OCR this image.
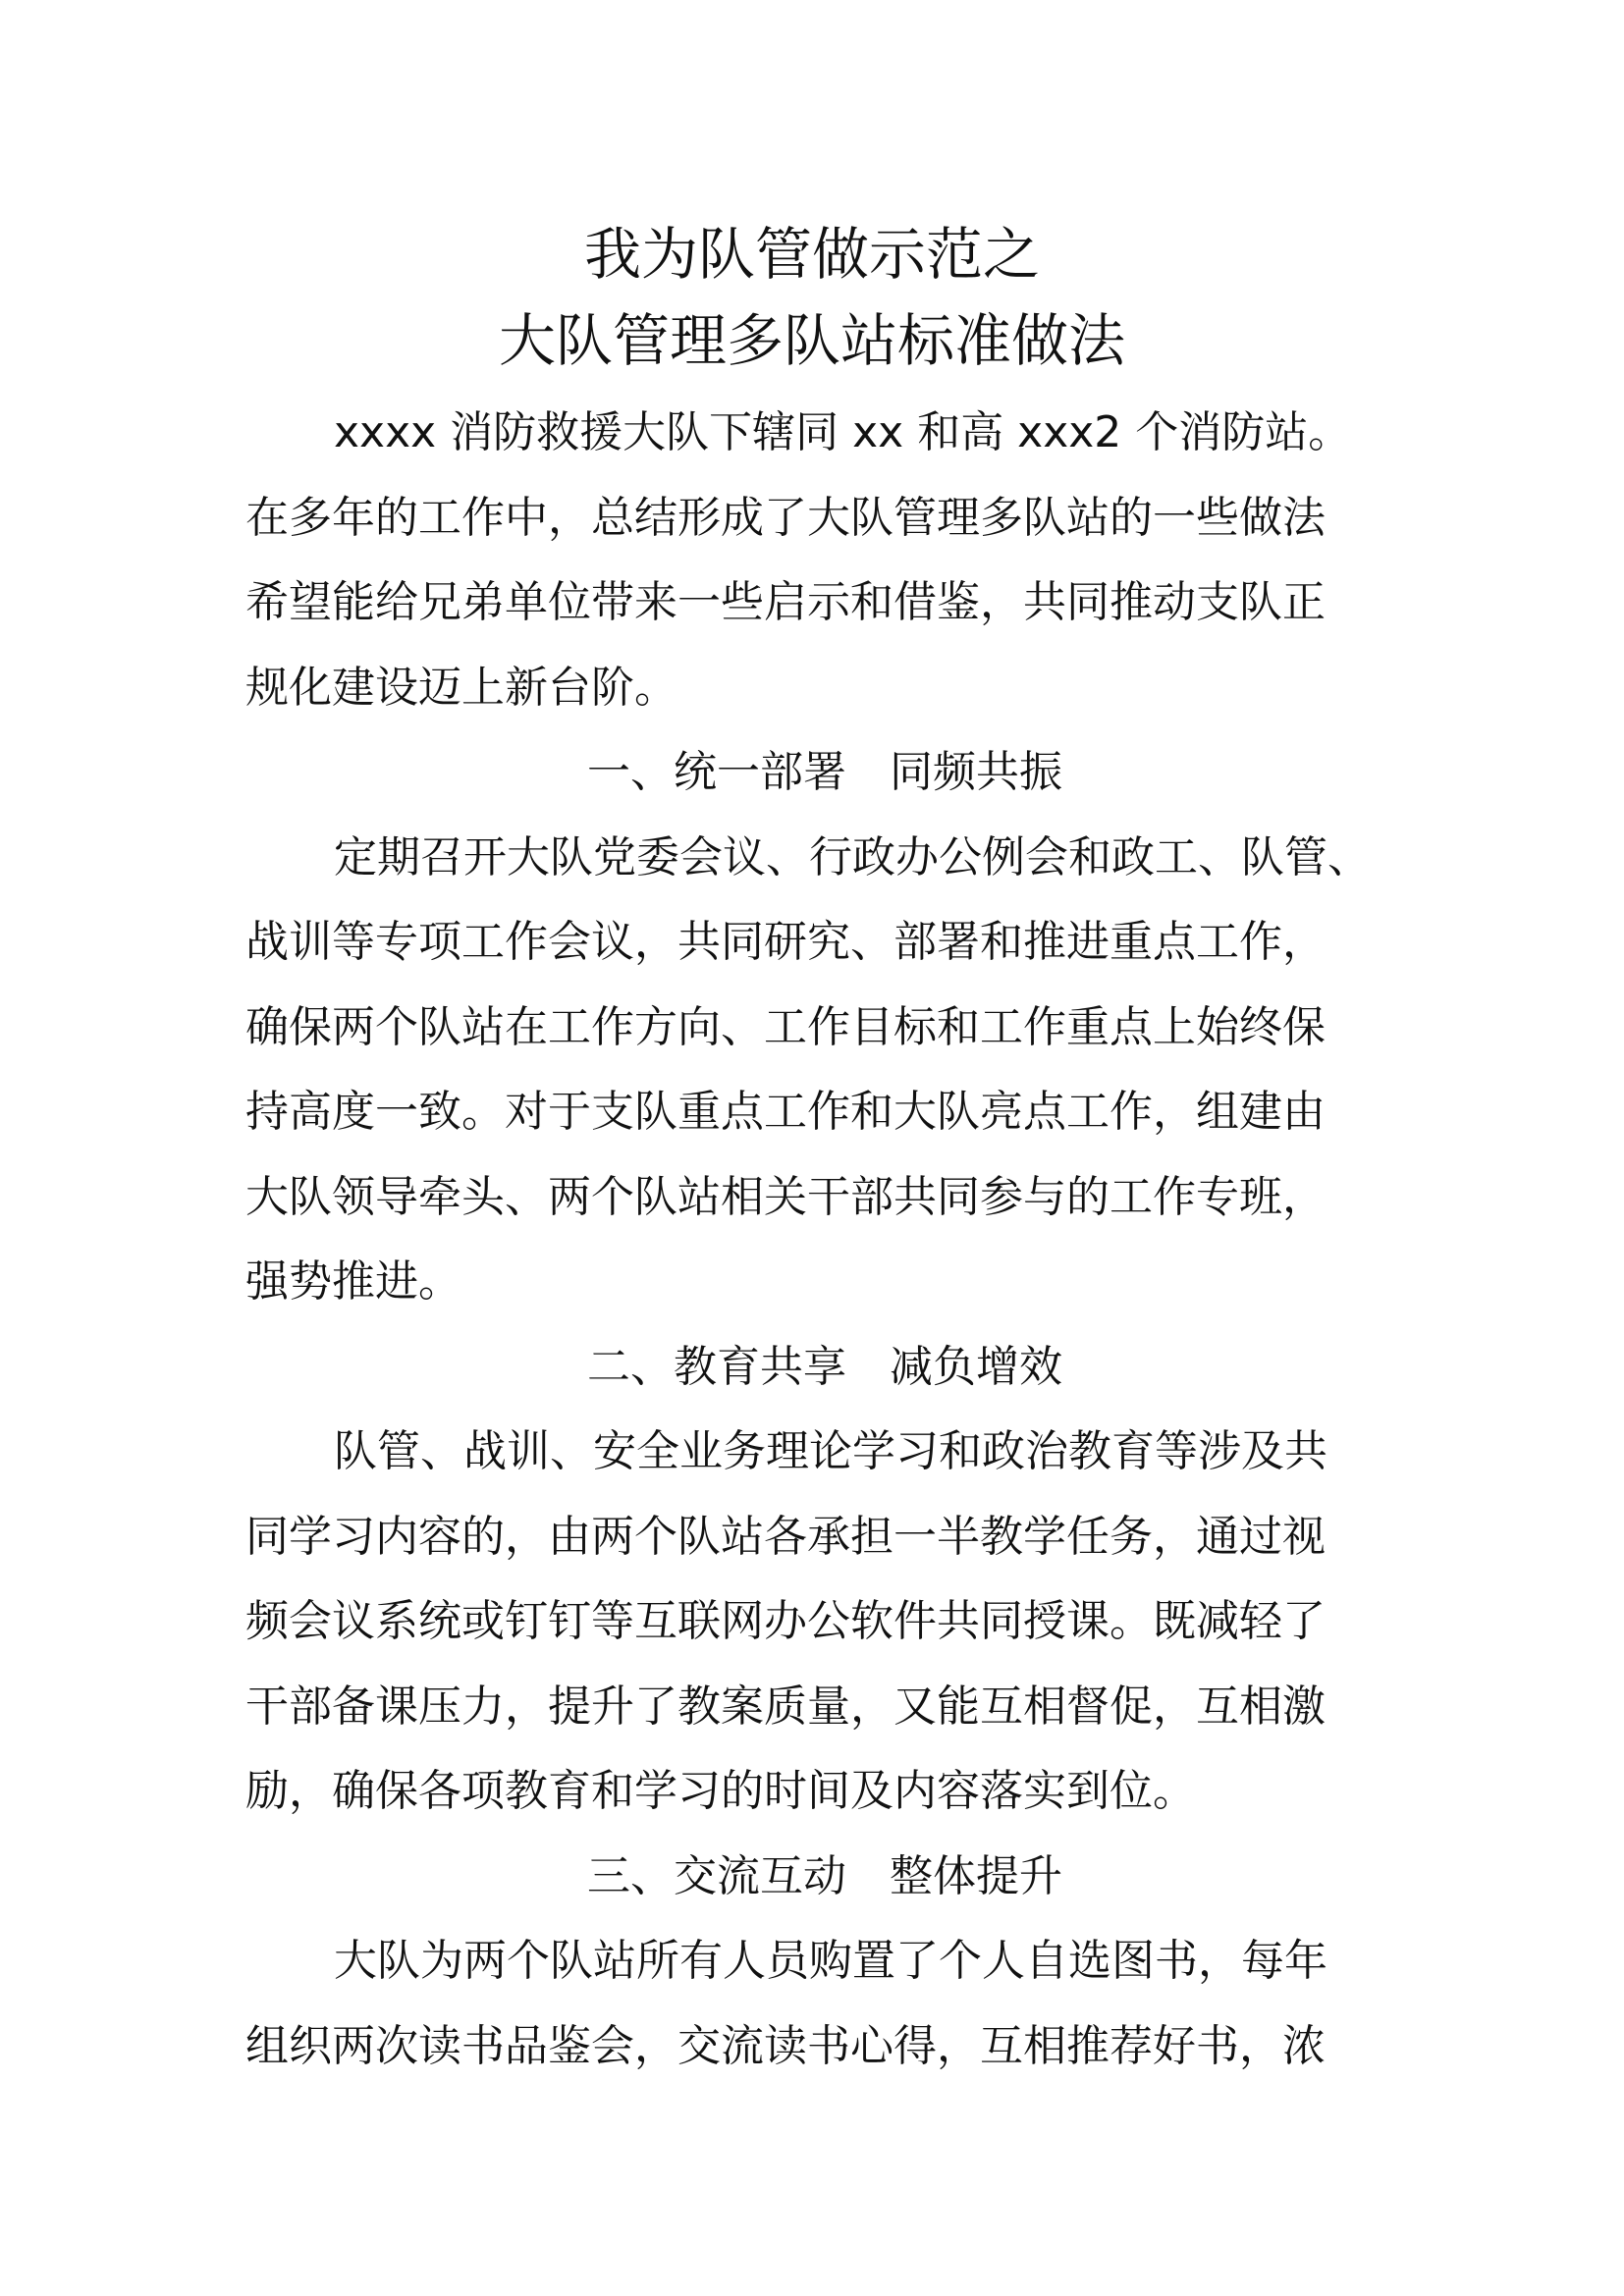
我为队管做示范之
大队管理多队站标准做法
xxxx 消防救援大队下辖同 xx 和高 xxx2 个消防站。
在多年的工作中，总结形成了大队管理多队站的一些做法
希望能给兄弟单位带来一些启示和借鉴，共同推动支队正
规化建设迈上新台阶。
一、统一部署　同频共振
定期召开大队党委会议、行政办公例会和政工、队管、
战训等专项工作会议，共同研究、部署和推进重点工作，
确保两个队站在工作方向、工作目标和工作重点上始终保
持高度一致。对于支队重点工作和大队亮点工作，组建由
大队领导牵头、两个队站相关干部共同参与的工作专班，
强势推进。
二、教育共享　减负增效
队管、战训、安全业务理论学习和政治教育等涉及共
同学习内容的，由两个队站各承担一半教学任务，通过视
频会议系统或钉钉等互联网办公软件共同授课。既减轻了
干部备课压力，提升了教案质量，又能互相督促，互相激
励，确保各项教育和学习的时间及内容落实到位。
三、交流互动　整体提升
大队为两个队站所有人员购置了个人自选图书，每年
组织两次读书品鉴会，交流读书心得，互相推荐好书，浓
